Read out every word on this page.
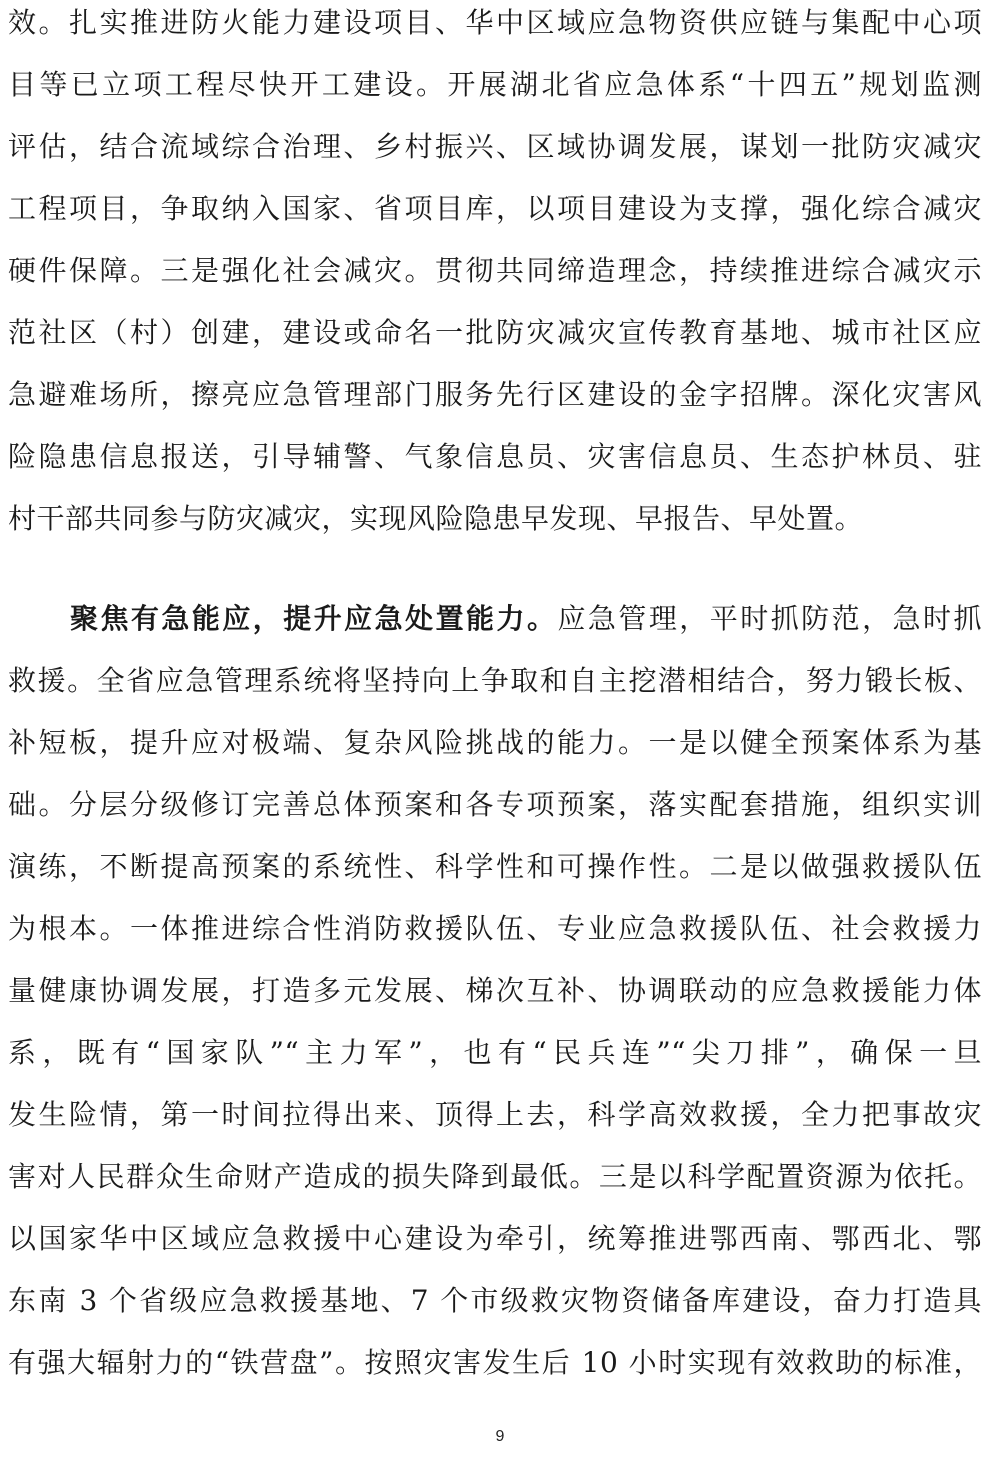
效。扎实推进防火能力建设项目、华中区域应急物资供应链与集配中心项
目等已立项工程尽快开工建设。开展湖北省应急体系“十四五”规划监测
评估，结合流域综合治理、乡村振兴、区域协调发展，谋划一批防灾减灾
工程项目，争取纳入国家、省项目库，以项目建设为支撑，强化综合减灾
硬件保障。三是强化社会减灾。贯彻共同缔造理念，持续推进综合减灾示
范社区（村）创建，建设或命名一批防灾减灾宣传教育基地、城市社区应
急避难场所，擦亮应急管理部门服务先行区建设的金字招牌。深化灾害风
险隐患信息报送，引导辅警、气象信息员、灾害信息员、生态护林员、驻
村干部共同参与防灾减灾，实现风险隐患早发现、早报告、早处置。
聚焦有急能应，提升应急处置能力。应急管理，平时抓防范，急时抓
救援。全省应急管理系统将坚持向上争取和自主挖潜相结合，努力锻长板、
补短板，提升应对极端、复杂风险挑战的能力。一是以健全预案体系为基
础。分层分级修订完善总体预案和各专项预案，落实配套措施，组织实训
演练，不断提高预案的系统性、科学性和可操作性。二是以做强救援队伍
为根本。一体推进综合性消防救援队伍、专业应急救援队伍、社会救援力
量健康协调发展，打造多元发展、梯次互补、协调联动的应急救援能力体
系，既有“国家队”“主力军”，也有“民兵连”“尖刀排”，确保一旦
发生险情，第一时间拉得出来、顶得上去，科学高效救援，全力把事故灾
害对人民群众生命财产造成的损失降到最低。三是以科学配置资源为依托。
以国家华中区域应急救援中心建设为牵引，统筹推进鄂西南、鄂西北、鄂
东南 3 个省级应急救援基地、7 个市级救灾物资储备库建设，奋力打造具
有强大辐射力的“铁营盘”。按照灾害发生后 10 小时实现有效救助的标准，
9
